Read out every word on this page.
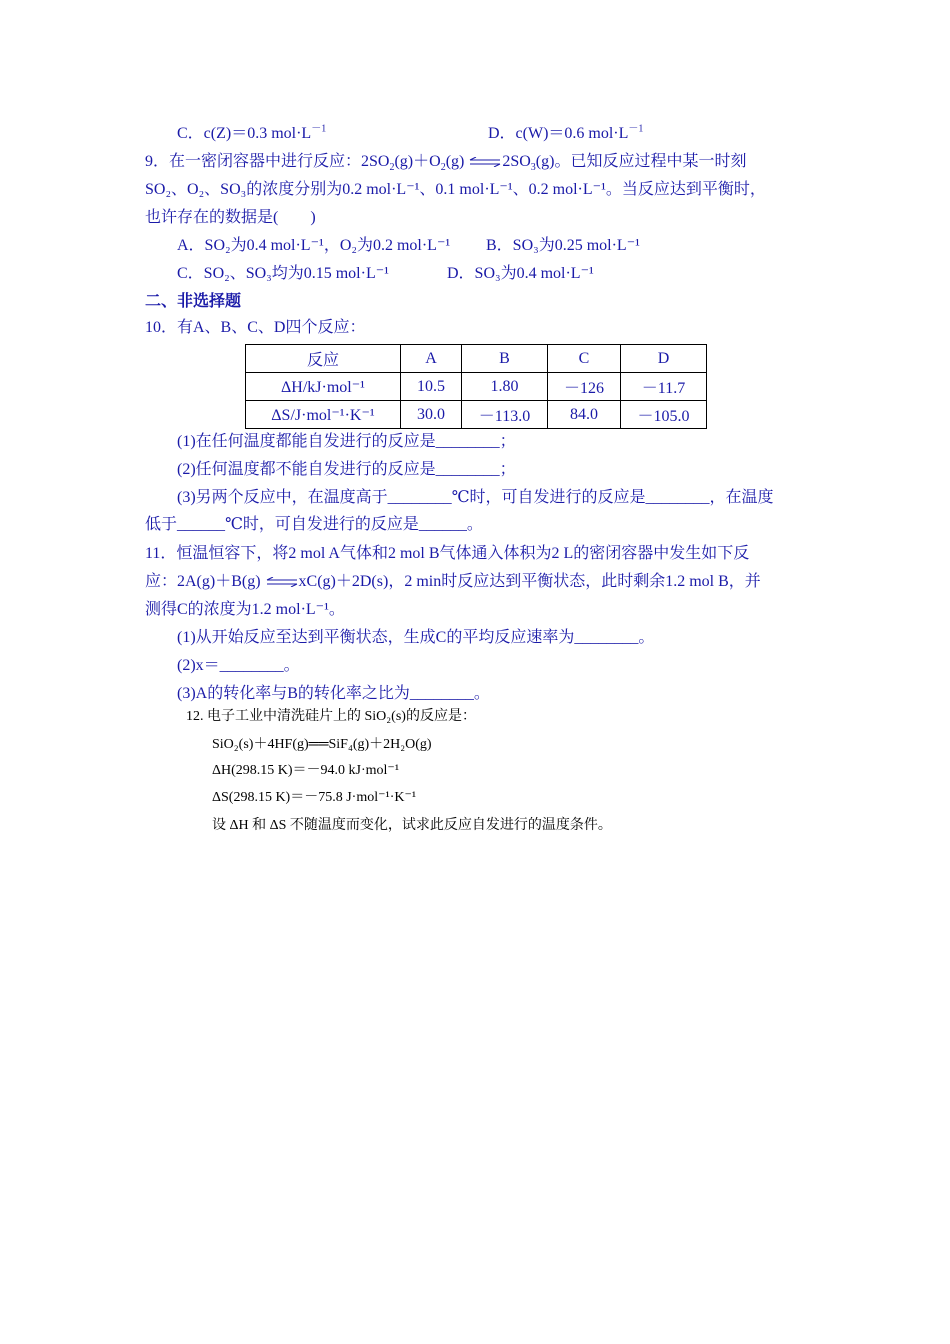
C．c(Z)＝0.3 $mol\cdot L^{-1}$	D．c(W)＝0.6 $mol\cdot L^{-1}$
9．在一密闭容器中进行反应：$2SO_2(g)+O_2(g)$ $\rightleftharpoons 2SO_3(g)$。已知反应过程中某一时刻
SO₂、O₂、SO₃的浓度分别为0.2 mol·L⁻¹、0.1 mol·L⁻¹、0.2 mol·L⁻¹。当反应达到平衡时，
也许存在的数据是(　　)
A．SO₂为0.4 mol·L⁻¹，O₂为0.2 mol·L⁻¹ B．SO₃为0.25 mol·L⁻¹
C．SO₂、SO₃均为0.15 mol·L⁻¹	D．SO₃为0.4 mol·L⁻¹
二、非选择题
10．有A、B、C、D四个反应：
反应	A	B	C	D
ΔH/kJ·mol⁻¹	10.5	1.80	－126	－11.7
ΔS/J·mol⁻¹·K⁻¹	30.0	－113.0	84.0	－105.0
(1)在任何温度都能自发进行的反应是________；
(2)任何温度都不能自发进行的反应是________；
(3)另两个反应中，在温度高于________℃时，可自发进行的反应是________，在温度
低于______℃时，可自发进行的反应是______。
11．恒温恒容下，将2 mol A气体和2 mol B气体通入体积为2 L的密闭容器中发生如下反
应：2A(g)＋B(g) ⇌xC(g)＋2D(s)，2 min时反应达到平衡状态，此时剩余1.2 mol B，并
测得C的浓度为1.2 mol·L⁻¹。
(1)从开始反应至达到平衡状态，生成C的平均反应速率为________。
(2)x＝________。
(3)A的转化率与B的转化率之比为________。
12. 电子工业中清洗硅片上的 SiO₂(s)的反应是：
SiO₂(s)＋4HF(g)══SiF₄(g)＋2H₂O(g)
ΔH(298.15 K)＝－94.0 kJ·mol⁻¹
ΔS(298.15 K)＝－75.8 J·mol⁻¹·K⁻¹
设 ΔH 和 ΔS 不随温度而变化，试求此反应自发进行的温度条件。
